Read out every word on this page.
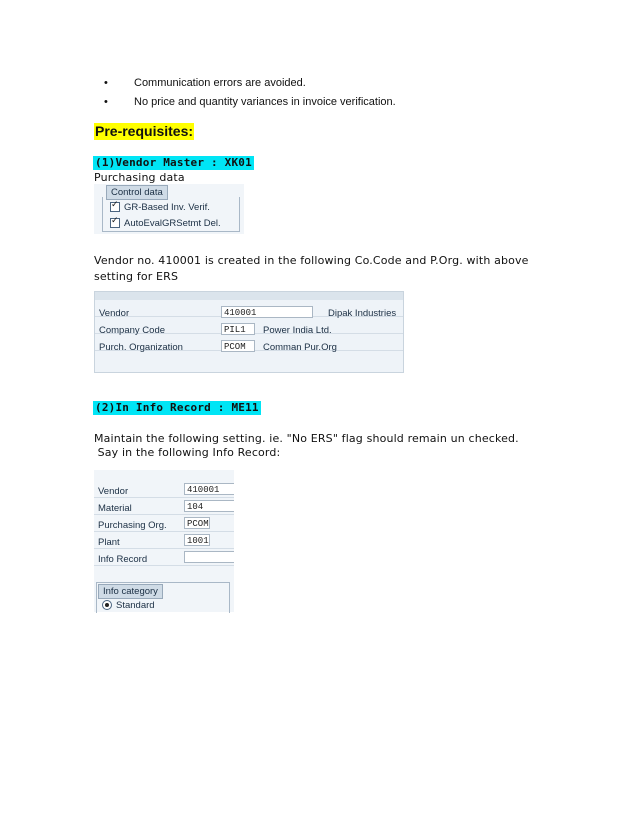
• Communication errors are avoided.
• No price and quantity variances in invoice verification.
Pre-requisites:
(1)Vendor Master : XK01
Purchasing data
Control data
✓GR-Based Inv. Verif.
✓AutoEvalGRSetmt Del.
Vendor no. 410001 is created in the following Co.Code and P.Org. with above
setting for ERS
Vendor	410001	Dipak Industries
Company Code	PIL1	Power India Ltd.
Purch. Organization	PCOM	Comman Pur.Org
(2)In Info Record : ME11
Maintain the following setting. ie. "No ERS" flag should remain un checked.
Say in the following Info Record:
Vendor	410001
Material	104
Purchasing Org.	PCOM
Plant	1001
Info Record
Info category
Standard
